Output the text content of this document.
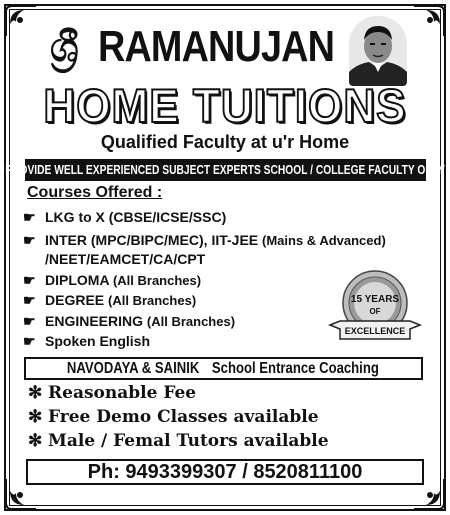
ශ්‍රී RAMANUJAN
HOME TUITIONS
Qualified Faculty at u'r Home
PROVIDE WELL EXPERIENCED SUBJECT EXPERTS SCHOOL / COLLEGE FACULTY ONLY
Courses Offered :
☛ LKG to X (CBSE/ICSE/SSC)
☛ INTER (MPC/BIPC/MEC), IIT-JEE (Mains & Advanced)
/NEET/EAMCET/CA/CPT
☛ DIPLOMA (All Branches)
☛ DEGREE (All Branches)
☛ ENGINEERING (All Branches)
☛ Spoken English
15 YEARS
OF
EXCELLENCE
NAVODAYA & SAINIKSchool Entrance Coaching
✻ Reasonable Fee
✻ Free Demo Classes available
✻ Male / Femal Tutors available
Ph: 9493399307 / 8520811100
